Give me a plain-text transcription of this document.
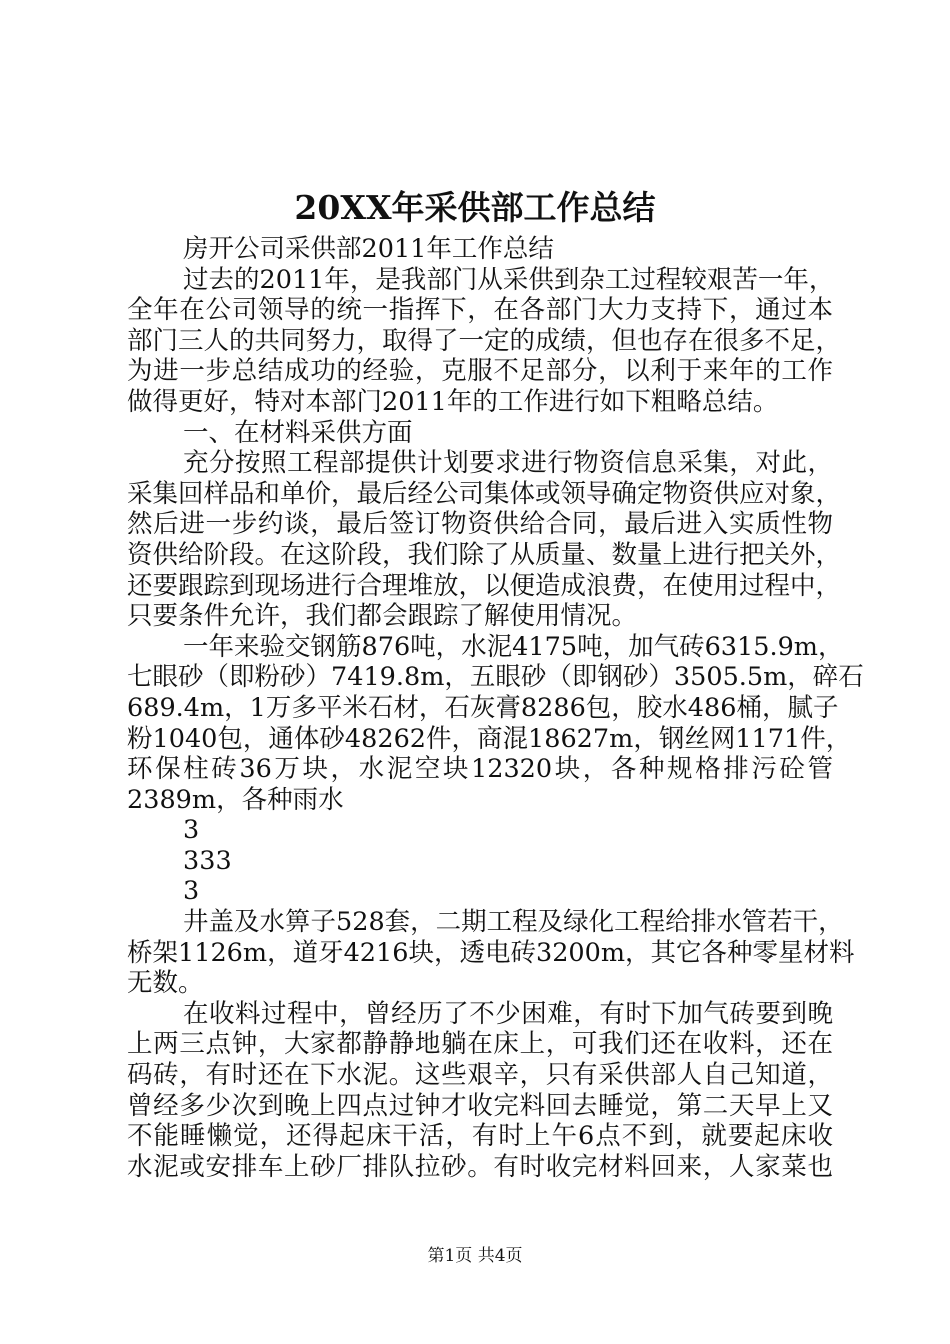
20XX年采供部工作总结
房开公司采供部2011年工作总结
过去的2011年，是我部门从采供到杂工过程较艰苦一年，
全年在公司领导的统一指挥下，在各部门大力支持下，通过本
部门三人的共同努力，取得了一定的成绩，但也存在很多不足，
为进一步总结成功的经验，克服不足部分，以利于来年的工作
做得更好，特对本部门2011年的工作进行如下粗略总结。
一、在材料采供方面
充分按照工程部提供计划要求进行物资信息采集，对此，
采集回样品和单价，最后经公司集体或领导确定物资供应对象，
然后进一步约谈，最后签订物资供给合同，最后进入实质性物
资供给阶段。在这阶段，我们除了从质量、数量上进行把关外，
还要跟踪到现场进行合理堆放，以便造成浪费，在使用过程中，
只要条件允许，我们都会跟踪了解使用情况。
一年来验交钢筋876吨，水泥4175吨，加气砖6315.9m，
七眼砂（即粉砂）7419.8m，五眼砂（即钢砂）3505.5m，碎石
689.4m，1万多平米石材，石灰膏8286包，胶水486桶，腻子
粉1040包，通体砂48262件，商混18627m，钢丝网1171件，
环保柱砖36万块，水泥空块12320块，各种规格排污砼管
2389m，各种雨水
3
333
3
井盖及水箅子528套，二期工程及绿化工程给排水管若干，
桥架1126m，道牙4216块，透电砖3200m，其它各种零星材料
无数。
在收料过程中，曾经历了不少困难，有时下加气砖要到晚
上两三点钟，大家都静静地躺在床上，可我们还在收料，还在
码砖，有时还在下水泥。这些艰辛，只有采供部人自己知道，
曾经多少次到晚上四点过钟才收完料回去睡觉，第二天早上又
不能睡懒觉，还得起床干活，有时上午6点不到，就要起床收
水泥或安排车上砂厂排队拉砂。有时收完材料回来，人家菜也
第1页 共4页
